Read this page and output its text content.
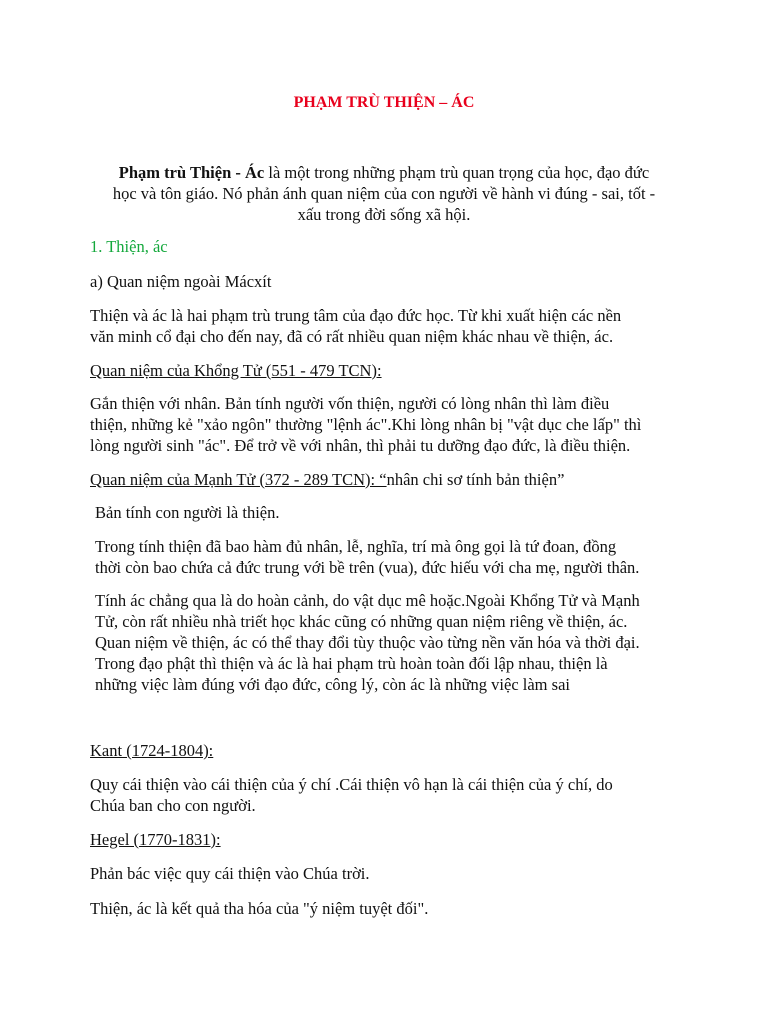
PHẠM TRÙ THIỆN – ÁC
Phạm trù Thiện - Ác là một trong những phạm trù quan trọng của học, đạo đức
học và tôn giáo. Nó phản ánh quan niệm của con người về hành vi đúng - sai, tốt -
xấu trong đời sống xã hội.
1. Thiện, ác
a) Quan niệm ngoài Mácxít
Thiện và ác là hai phạm trù trung tâm của đạo đức học. Từ khi xuất hiện các nền
văn minh cổ đại cho đến nay, đã có rất nhiều quan niệm khác nhau về thiện, ác.
Quan niệm của Khổng Tử (551 - 479 TCN):
Gắn thiện với nhân. Bản tính người vốn thiện, người có lòng nhân thì làm điều
thiện, những kẻ "xảo ngôn" thường "lệnh ác".Khi lòng nhân bị "vật dục che lấp" thì
lòng người sinh "ác". Để trở về với nhân, thì phải tu dưỡng đạo đức, là điều thiện.
Quan niệm của Mạnh Tử (372 - 289 TCN): “nhân chi sơ tính bản thiện”
Bản tính con người là thiện.
Trong tính thiện đã bao hàm đủ nhân, lễ, nghĩa, trí mà ông gọi là tứ đoan, đồng
thời còn bao chứa cả đức trung với bề trên (vua), đức hiếu với cha mẹ, người thân.
Tính ác chẳng qua là do hoàn cảnh, do vật dục mê hoặc.Ngoài Khổng Tử và Mạnh
Tử, còn rất nhiều nhà triết học khác cũng có những quan niệm riêng về thiện, ác.
Quan niệm về thiện, ác có thể thay đổi tùy thuộc vào từng nền văn hóa và thời đại.
Trong đạo phật thì thiện và ác là hai phạm trù hoàn toàn đối lập nhau, thiện là
những việc làm đúng với đạo đức, công lý, còn ác là những việc làm sai
Kant (1724-1804):
Quy cái thiện vào cái thiện của ý chí .Cái thiện vô hạn là cái thiện của ý chí, do
Chúa ban cho con người.
Hegel (1770-1831):
Phản bác việc quy cái thiện vào Chúa trời.
Thiện, ác là kết quả tha hóa của "ý niệm tuyệt đối".
